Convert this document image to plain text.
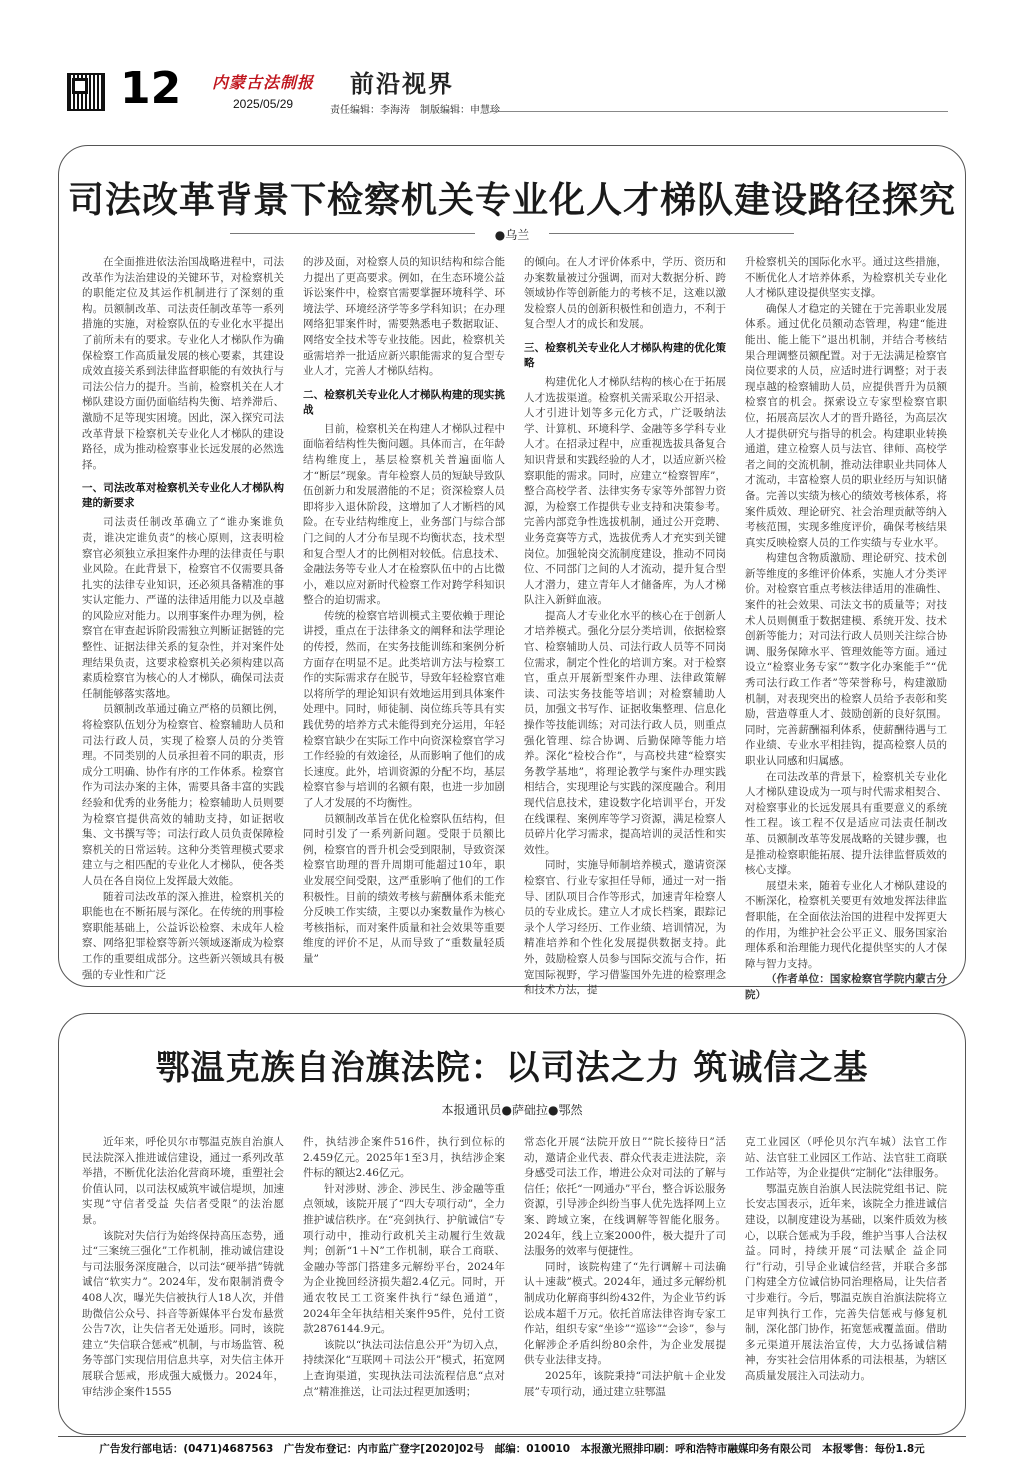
12 内蒙古法制报
2025/05/29
前沿视界
责任编辑：李海涛　制版编辑：申慧珍
司法改革背景下检察机关专业化人才梯队建设路径探究
●乌兰

在全面推进依法治国战略进程中，司法改革作为法治建设的关键环节，对检察机关的职能定位及其运作机制进行了深刻的重构。员额制改革、司法责任制改革等一系列措施的实施，对检察队伍的专业化水平提出了前所未有的要求。专业化人才梯队作为确保检察工作高质量发展的核心要素，其建设成效直接关系到法律监督职能的有效执行与司法公信力的提升。当前，检察机关在人才梯队建设方面仍面临结构失衡、培养滞后、激励不足等现实困境。因此，深入探究司法改革背景下检察机关专业化人才梯队的建设路径，成为推动检察事业长远发展的必然选择。

一、司法改革对检察机关专业化人才梯队构建的新要求

司法责任制改革确立了“谁办案谁负责，谁决定谁负责”的核心原则，这表明检察官必须独立承担案件办理的法律责任与职业风险。在此背景下，检察官不仅需要具备扎实的法律专业知识，还必须具备精准的事实认定能力、严谨的法律适用能力以及卓越的风险应对能力。以刑事案件办理为例，检察官在审查起诉阶段需独立判断证据链的完整性、证据法律关系的复杂性，并对案件处理结果负责，这要求检察机关必须构建以高素质检察官为核心的人才梯队，确保司法责任制能够落实落地。

员额制改革通过确立严格的员额比例，将检察队伍划分为检察官、检察辅助人员和司法行政人员，实现了检察人员的分类管理。不同类别的人员承担着不同的职责，形成分工明确、协作有序的工作体系。检察官作为司法办案的主体，需要具备丰富的实践经验和优秀的业务能力；检察辅助人员则要为检察官提供高效的辅助支持，如证据收集、文书撰写等；司法行政人员负责保障检察机关的日常运转。这种分类管理模式要求建立与之相匹配的专业化人才梯队，使各类人员在各自岗位上发挥最大效能。

随着司法改革的深入推进，检察机关的职能也在不断拓展与深化。在传统的刑事检察职能基础上，公益诉讼检察、未成年人检察、网络犯罪检察等新兴领域逐渐成为检察工作的重要组成部分。这些新兴领域具有极强的专业性和广泛

的涉及面，对检察人员的知识结构和综合能力提出了更高要求。例如，在生态环境公益诉讼案件中，检察官需要掌握环境科学、环境法学、环境经济学等多学科知识；在办理网络犯罪案件时，需要熟悉电子数据取证、网络安全技术等专业技能。因此，检察机关亟需培养一批适应新兴职能需求的复合型专业人才，完善人才梯队结构。

二、检察机关专业化人才梯队构建的现实挑战

目前，检察机关在构建人才梯队过程中面临着结构性失衡问题。具体而言，在年龄结构维度上，基层检察机关普遍面临人才“断层”现象。青年检察人员的短缺导致队伍创新力和发展潜能的不足；资深检察人员即将步入退休阶段，这增加了人才断档的风险。在专业结构维度上，业务部门与综合部门之间的人才分布呈现不均衡状态，技术型和复合型人才的比例相对较低。信息技术、金融法务等专业人才在检察队伍中的占比微小，难以应对新时代检察工作对跨学科知识整合的迫切需求。

传统的检察官培训模式主要依赖于理论讲授，重点在于法律条文的阐释和法学理论的传授，然而，在实务技能训练和案例分析方面存在明显不足。此类培训方法与检察工作的实际需求存在脱节，导致年轻检察官难以将所学的理论知识有效地运用到具体案件处理中。同时，师徒制、岗位练兵等具有实践优势的培养方式未能得到充分运用，年轻检察官缺少在实际工作中向资深检察官学习工作经验的有效途径，从而影响了他们的成长速度。此外，培训资源的分配不均，基层检察官参与培训的名额有限，也进一步加剧了人才发展的不均衡性。

员额制改革旨在优化检察队伍结构，但同时引发了一系列新问题。受限于员额比例，检察官的晋升机会受到限制，导致资深检察官助理的晋升周期可能超过10年，职业发展空间受限，这严重影响了他们的工作积极性。目前的绩效考核与薪酬体系未能充分反映工作实绩，主要以办案数量作为核心考核指标，而对案件质量和社会效果等重要维度的评价不足，从而导致了“重数量轻质量”

的倾向。在人才评价体系中，学历、资历和办案数量被过分强调，而对大数据分析、跨领域协作等创新能力的考核不足，这难以激发检察人员的创新积极性和创造力，不利于复合型人才的成长和发展。

三、检察机关专业化人才梯队构建的优化策略

构建优化人才梯队结构的核心在于拓展人才选拔渠道。检察机关需采取公开招录、人才引进计划等多元化方式，广泛吸纳法学、计算机、环境科学、金融等多学科专业人才。在招录过程中，应重视选拔具备复合知识背景和实践经验的人才，以适应新兴检察职能的需求。同时，应建立“检察智库”，整合高校学者、法律实务专家等外部智力资源，为检察工作提供专业支持和决策参考。完善内部竞争性选拔机制，通过公开竞聘、业务竞赛等方式，选拔优秀人才充实到关键岗位。加强轮岗交流制度建设，推动不同岗位、不同部门之间的人才流动，提升复合型人才潜力，建立青年人才储备库，为人才梯队注入新鲜血液。

提高人才专业化水平的核心在于创新人才培养模式。强化分层分类培训，依据检察官、检察辅助人员、司法行政人员等不同岗位需求，制定个性化的培训方案。对于检察官，重点开展新型案件办理、法律政策解读、司法实务技能等培训；对检察辅助人员，加强文书写作、证据收集整理、信息化操作等技能训练；对司法行政人员，则重点强化管理、综合协调、后勤保障等能力培养。深化“检校合作”，与高校共建“检察实务教学基地”，将理论教学与案件办理实践相结合，实现理论与实践的深度融合。利用现代信息技术，建设数字化培训平台，开发在线课程、案例库等学习资源，满足检察人员碎片化学习需求，提高培训的灵活性和实效性。

同时，实施导师制培养模式，邀请资深检察官、行业专家担任导师，通过一对一指导、团队项目合作等形式，加速青年检察人员的专业成长。建立人才成长档案，跟踪记录个人学习经历、工作业绩、培训情况，为精准培养和个性化发展提供数据支持。此外，鼓励检察人员参与国际交流与合作，拓宽国际视野，学习借鉴国外先进的检察理念和技术方法，提

升检察机关的国际化水平。通过这些措施，不断优化人才培养体系，为检察机关专业化人才梯队建设提供坚实支撑。

确保人才稳定的关键在于完善职业发展体系。通过优化员额动态管理，构建“能进能出、能上能下”退出机制，并结合考核结果合理调整员额配置。对于无法满足检察官岗位要求的人员，应适时进行调整；对于表现卓越的检察辅助人员，应提供晋升为员额检察官的机会。探索设立专家型检察官职位，拓展高层次人才的晋升路径，为高层次人才提供研究与指导的机会。构建职业转换通道，建立检察人员与法官、律师、高校学者之间的交流机制，推动法律职业共同体人才流动，丰富检察人员的职业经历与知识储备。完善以实绩为核心的绩效考核体系，将案件质效、理论研究、社会治理贡献等纳入考核范围，实现多维度评价，确保考核结果真实反映检察人员的工作实绩与专业水平。

构建包含物质激励、理论研究、技术创新等维度的多维评价体系，实施人才分类评价。对检察官重点考核法律适用的准确性、案件的社会效果、司法文书的质量等；对技术人员则侧重于数据建模、系统开发、技术创新等能力；对司法行政人员则关注综合协调、服务保障水平、管理效能等方面。通过设立“检察业务专家”“数字化办案能手”“优秀司法行政工作者”等荣誉称号，构建激励机制，对表现突出的检察人员给予表彰和奖励，营造尊重人才、鼓励创新的良好氛围。同时，完善薪酬福利体系，使薪酬待遇与工作业绩、专业水平相挂钩，提高检察人员的职业认同感和归属感。

在司法改革的背景下，检察机关专业化人才梯队建设成为一项与时代需求相契合、对检察事业的长远发展具有重要意义的系统性工程。该工程不仅是适应司法责任制改革、员额制改革等发展战略的关键步骤，也是推动检察职能拓展、提升法律监督质效的核心支撑。

展望未来，随着专业化人才梯队建设的不断深化，检察机关要更有效地发挥法律监督职能，在全面依法治国的进程中发挥更大的作用，为维护社会公平正义、服务国家治理体系和治理能力现代化提供坚实的人才保障与智力支持。

（作者单位：国家检察官学院内蒙古分院）

鄂温克族自治旗法院：以司法之力 筑诚信之基
本报通讯员●萨础拉●鄂然

近年来，呼伦贝尔市鄂温克族自治旗人民法院深入推进诚信建设，通过一系列改革举措，不断优化法治化营商环境，重塑社会价值认同，以司法权威筑牢诚信堤坝，加速实现“守信者受益 失信者受限”的法治愿景。

该院对失信行为始终保持高压态势，通过“三案统三强化”工作机制，推动诚信建设与司法服务深度融合，以司法“硬举措”铸就诚信“软实力”。2024年，发布限制消费令408人次，曝光失信被执行人18人次，并借助微信公众号、抖音等新媒体平台发布悬赏公告7次，让失信者无处遁形。同时，该院建立“失信联合惩戒”机制，与市场监管、税务等部门实现信用信息共享，对失信主体开展联合惩戒，形成强大威慑力。2024年，审结涉企案件1555

件，执结涉企案件516件，执行到位标的2.459亿元。2025年1至3月，执结涉企案件标的额达2.46亿元。

针对涉财、涉企、涉民生、涉金融等重点领域，该院开展了“四大专项行动”，全力推护诚信秩序。在“亮剑执行、护航诚信”专项行动中，推动行政机关主动履行生效裁判；创新“1＋N”工作机制，联合工商联、金融办等部门搭建多元解纷平台，2024年为企业挽回经济损失超2.4亿元。同时，开通农牧民工工资案件执行“绿色通道”，2024年全年执结相关案件95件，兑付工资款2876144.9元。

该院以“执法司法信息公开”为切入点，持续深化“互联网＋司法公开”模式，拓宽网上查询渠道，实现执法司法流程信息“点对点”精准推送，让司法过程更加透明；

常态化开展“法院开放日”“院长接待日”活动，邀请企业代表、群众代表走进法院，亲身感受司法工作，增进公众对司法的了解与信任；依托“一网通办”平台，整合诉讼服务资源，引导涉企纠纷当事人优先选择网上立案、跨域立案，在线调解等智能化服务。2024年，线上立案2000件，极大提升了司法服务的效率与便捷性。

同时，该院构建了“先行调解＋司法确认＋速裁”模式。2024年，通过多元解纷机制成功化解商事纠纷432件，为企业节约诉讼成本超千万元。依托首席法律咨询专家工作站，组织专家“坐诊”“巡诊”“会诊”，参与化解涉企矛盾纠纷80余件，为企业发展提供专业法律支持。

2025年，该院秉持“司法护航＋企业发展”专项行动，通过建立驻鄂温

克工业园区（呼伦贝尔汽车城）法官工作站、法官驻工业园区工作站、法官驻工商联工作站等，为企业提供“定制化”法律服务。

鄂温克族自治旗人民法院党组书记、院长安志国表示，近年来，该院全力推进诚信建设，以制度建设为基础，以案件质效为核心，以联合惩戒为手段，维护当事人合法权益。同时，持续开展“司法赋企 益企同行”行动，引导企业诚信经营，并联合多部门构建全方位诚信协同治理格局，让失信者寸步难行。今后，鄂温克族自治旗法院将立足审判执行工作，完善失信惩戒与修复机制，深化部门协作，拓宽惩戒覆盖面。借助多元渠道开展法治宣传，大力弘扬诚信精神，夯实社会信用体系的司法根基，为辖区高质量发展注入司法动力。

广告发行部电话：(0471)4687563　广告发布登记：内市监广登字[2020]02号　邮编：010010　本报激光照排印刷：呼和浩特市融媒印务有限公司　本报零售：每份1.8元
